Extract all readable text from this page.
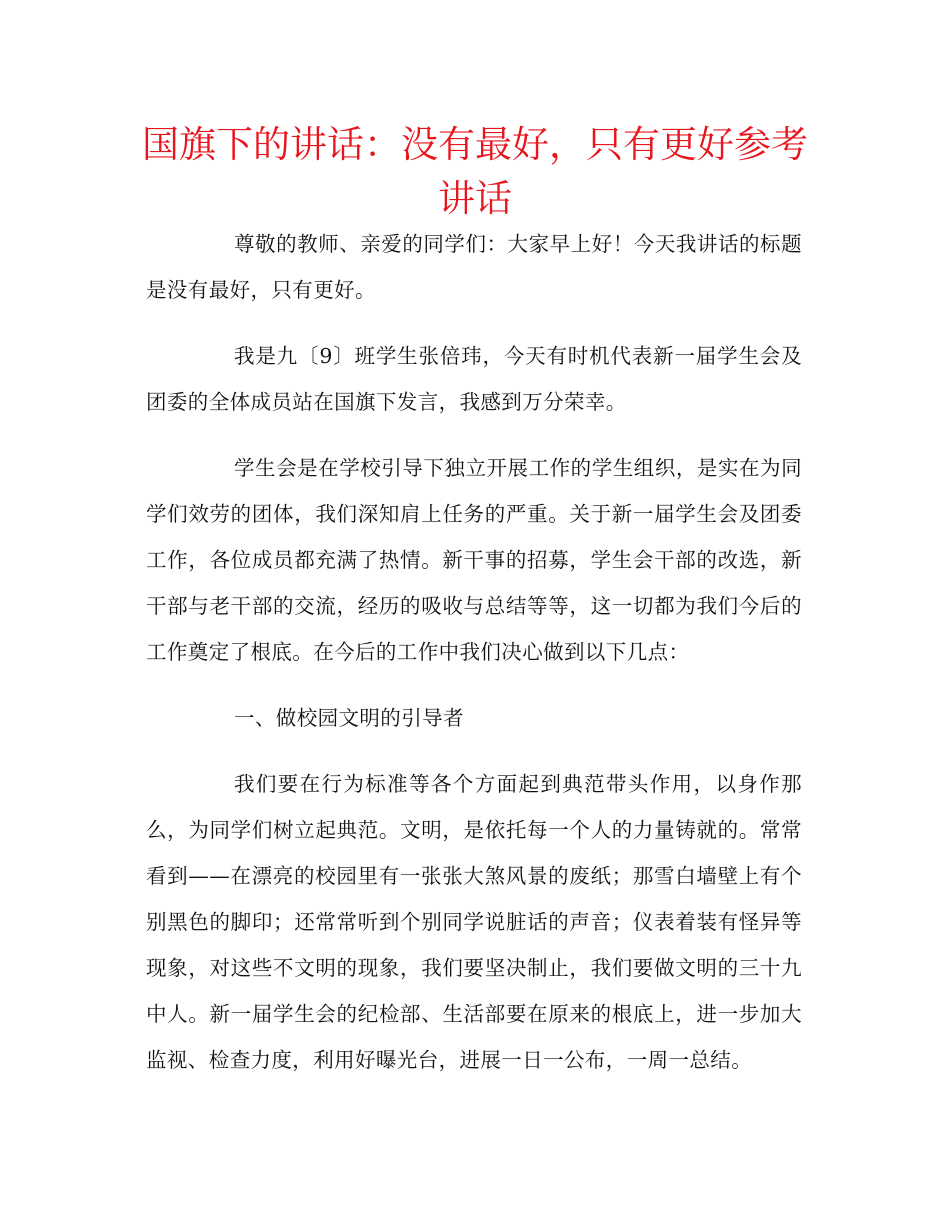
国旗下的讲话：没有最好，只有更好参考讲话

尊敬的教师、亲爱的同学们：大家早上好！今天我讲话的标题是没有最好，只有更好。

我是九〔9〕班学生张倍玮，今天有时机代表新一届学生会及团委的全体成员站在国旗下发言，我感到万分荣幸。

学生会是在学校引导下独立开展工作的学生组织，是实在为同学们效劳的团体，我们深知肩上任务的严重。关于新一届学生会及团委工作，各位成员都充满了热情。新干事的招募，学生会干部的改选，新干部与老干部的交流，经历的吸收与总结等等，这一切都为我们今后的工作奠定了根底。在今后的工作中我们决心做到以下几点：

一、做校园文明的引导者

我们要在行为标准等各个方面起到典范带头作用，以身作那么，为同学们树立起典范。文明，是依托每一个人的力量铸就的。常常看到——在漂亮的校园里有一张张大煞风景的废纸；那雪白墙壁上有个别黑色的脚印；还常常听到个别同学说脏话的声音；仪表着装有怪异等现象，对这些不文明的现象，我们要坚决制止，我们要做文明的三十九中人。新一届学生会的纪检部、生活部要在原来的根底上，进一步加大监视、检查力度，利用好曝光台，进展一日一公布，一周一总结。
